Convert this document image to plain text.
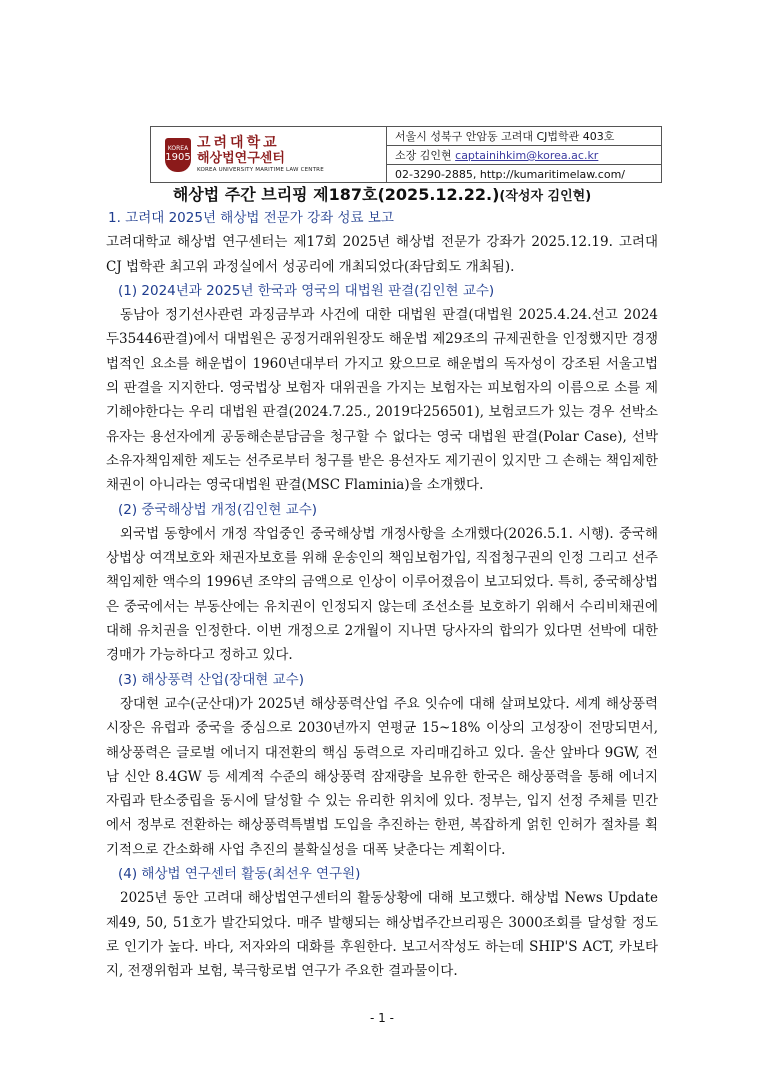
KOREA
1905
고려대학교
해상법연구센터
KOREA UNIVERSITY MARITIME LAW CENTRE
서울시 성북구 안암동 고려대 CJ법학관 403호
소장 김인현 captainihkim@korea.ac.kr
02-3290-2885, http://kumaritimelaw.com/
해상법 주간 브리핑 제187호(2025.12.22.)(작성자 김인현)
1. 고려대 2025년 해상법 전문가 강좌 성료 보고

고려대학교 해상법 연구센터는 제17회 2025년 해상법 전문가 강좌가 2025.12.19. 고려대 CJ 법학관 최고위 과정실에서 성공리에 개최되었다(좌담회도 개최됨).

(1) 2024년과 2025년 한국과 영국의 대법원 판결(김인현 교수)

동남아 정기선사관련 과징금부과 사건에 대한 대법원 판결(대법원 2025.4.24.선고 2024두35446판결)에서 대법원은 공정거래위원장도 해운법 제29조의 규제권한을 인정했지만 경쟁법적인 요소를 해운법이 1960년대부터 가지고 왔으므로 해운법의 독자성이 강조된 서울고법의 판결을 지지한다. 영국법상 보험자 대위권을 가지는 보험자는 피보험자의 이름으로 소를 제기해야한다는 우리 대법원 판결(2024.7.25., 2019다256501), 보험코드가 있는 경우 선박소유자는 용선자에게 공동해손분담금을 청구할 수 없다는 영국 대법원 판결(Polar Case), 선박소유자책임제한 제도는 선주로부터 청구를 받은 용선자도 제기권이 있지만 그 손해는 책임제한채권이 아니라는 영국대법원 판결(MSC Flaminia)을 소개했다.

(2) 중국해상법 개정(김인현 교수)

외국법 동향에서 개정 작업중인 중국해상법 개정사항을 소개했다(2026.5.1. 시행). 중국해상법상 여객보호와 채권자보호를 위해 운송인의 책임보험가입, 직접청구권의 인정 그리고 선주책임제한 액수의 1996년 조약의 금액으로 인상이 이루어졌음이 보고되었다. 특히, 중국해상법은 중국에서는 부동산에는 유치권이 인정되지 않는데 조선소를 보호하기 위해서 수리비채권에 대해 유치권을 인정한다. 이번 개정으로 2개월이 지나면 당사자의 합의가 있다면 선박에 대한 경매가 가능하다고 정하고 있다.

(3) 해상풍력 산업(장대현 교수)

장대현 교수(군산대)가 2025년 해상풍력산업 주요 잇슈에 대해 살펴보았다. 세계 해상풍력 시장은 유럽과 중국을 중심으로 2030년까지 연평균 15~18% 이상의 고성장이 전망되면서, 해상풍력은 글로벌 에너지 대전환의 핵심 동력으로 자리매김하고 있다. 울산 앞바다 9GW, 전남 신안 8.4GW 등 세계적 수준의 해상풍력 잠재량을 보유한 한국은 해상풍력을 통해 에너지 자립과 탄소중립을 동시에 달성할 수 있는 유리한 위치에 있다. 정부는, 입지 선정 주체를 민간에서 정부로 전환하는 해상풍력특별법 도입을 추진하는 한편, 복잡하게 얽힌 인허가 절차를 획기적으로 간소화해 사업 추진의 불확실성을 대폭 낮춘다는 계획이다.

(4) 해상법 연구센터 활동(최선우 연구원)

2025년 동안 고려대 해상법연구센터의 활동상황에 대해 보고했다. 해상법 News Update 제49, 50, 51호가 발간되었다. 매주 발행되는 해상법주간브리핑은 3000조회를 달성할 정도로 인기가 높다. 바다, 저자와의 대화를 후원한다. 보고서작성도 하는데 SHIP'S ACT, 카보타지, 전쟁위험과 보험, 북극항로법 연구가 주요한 결과물이다.

- 1 -
